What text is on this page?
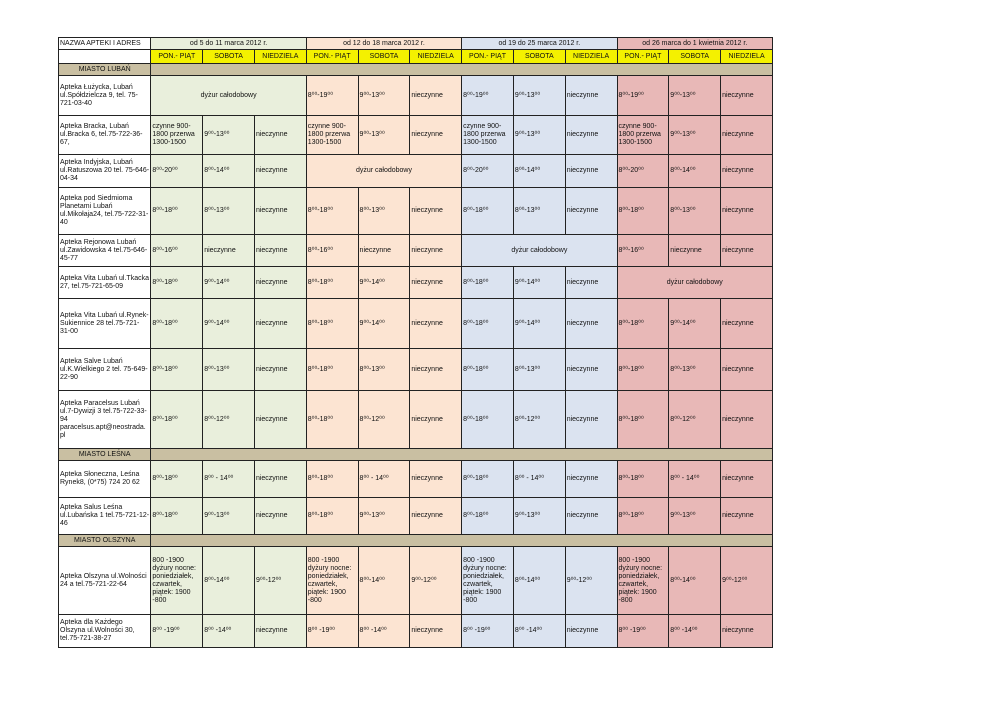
NAZWA APTEKI I ADRES	od 5 do 11 marca 2012 r.			od 12 do 18 marca 2012 r.			od 19 do 25 marca 2012 r.			od 26 marca do 1 kwietnia 2012 r.		
	PON.- PIĄT	SOBOTA	NIEDZIELA	PON.- PIĄT	SOBOTA	NIEDZIELA	PON.- PIĄT	SOBOTA	NIEDZIELA	PON.- PIĄT	SOBOTA	NIEDZIELA
MIASTO LUBAŃ												
Apteka Łużycka, Lubań ul.Spółdzielcza 9, tel. 75-721-03-40	dyżur całodobowy			8⁰⁰-19⁰⁰	9⁰⁰-13⁰⁰	nieczynne	8⁰⁰-19⁰⁰	9⁰⁰-13⁰⁰	nieczynne	8⁰⁰-19⁰⁰	9⁰⁰-13⁰⁰	nieczynne
Apteka Bracka, Lubań ul.Bracka 6, tel.75-722-36-67,	czynne 900-1800 przerwa 1300-1500	9⁰⁰-13⁰⁰	nieczynne	czynne 900-1800 przerwa 1300-1500	9⁰⁰-13⁰⁰	nieczynne	czynne 900-1800 przerwa 1300-1500	9⁰⁰-13⁰⁰	nieczynne	czynne 900-1800 przerwa 1300-1500	9⁰⁰-13⁰⁰	nieczynne
Apteka Indyjska, Lubań ul.Ratuszowa 20 tel. 75-646-04-34	8⁰⁰-20⁰⁰	8⁰⁰-14⁰⁰	nieczynne	dyżur całodobowy			8⁰⁰-20⁰⁰	8⁰⁰-14⁰⁰	nieczynne	8⁰⁰-20⁰⁰	8⁰⁰-14⁰⁰	nieczynne
Apteka pod Siedmioma Planetami Lubań ul.Mikołaja24, tel.75-722-31-40	8⁰⁰-18⁰⁰	8⁰⁰-13⁰⁰	nieczynne	8⁰⁰-18⁰⁰	8⁰⁰-13⁰⁰	nieczynne	8⁰⁰-18⁰⁰	8⁰⁰-13⁰⁰	nieczynne	8⁰⁰-18⁰⁰	8⁰⁰-13⁰⁰	nieczynne
Apteka Rejonowa Lubań ul.Zawidowska 4 tel.75-646-45-77	8⁰⁰-16⁰⁰	nieczynne	nieczynne	8⁰⁰-16⁰⁰	nieczynne	nieczynne	dyżur całodobowy			8⁰⁰-16⁰⁰	nieczynne	nieczynne
Apteka Vita Lubań ul.Tkacka 27, tel.75-721-65-09	8⁰⁰-18⁰⁰	9⁰⁰-14⁰⁰	nieczynne	8⁰⁰-18⁰⁰	9⁰⁰-14⁰⁰	nieczynne	8⁰⁰-18⁰⁰	9⁰⁰-14⁰⁰	nieczynne	dyżur całodobowy		
Apteka Vita Lubań ul.Rynek- Sukiennice 28 tel.75-721-31-00	8⁰⁰-18⁰⁰	9⁰⁰-14⁰⁰	nieczynne	8⁰⁰-18⁰⁰	9⁰⁰-14⁰⁰	nieczynne	8⁰⁰-18⁰⁰	9⁰⁰-14⁰⁰	nieczynne	8⁰⁰-18⁰⁰	9⁰⁰-14⁰⁰	nieczynne
Apteka Salve Lubań ul.K.Wielkiego 2 tel. 75-649-22-90	8⁰⁰-18⁰⁰	8⁰⁰-13⁰⁰	nieczynne	8⁰⁰-18⁰⁰	8⁰⁰-13⁰⁰	nieczynne	8⁰⁰-18⁰⁰	8⁰⁰-13⁰⁰	nieczynne	8⁰⁰-18⁰⁰	8⁰⁰-13⁰⁰	nieczynne
Apteka Paracelsus Lubań ul.7-Dywizji 3 tel.75-722-33-94 paracelsus.apt@neostrada.pl	8⁰⁰-18⁰⁰	8⁰⁰-12⁰⁰	nieczynne	8⁰⁰-18⁰⁰	8⁰⁰-12⁰⁰	nieczynne	8⁰⁰-18⁰⁰	8⁰⁰-12⁰⁰	nieczynne	8⁰⁰-18⁰⁰	8⁰⁰-12⁰⁰	nieczynne
MIASTO LEŚNA												
Apteka Słoneczna, Leśna Rynek8, (0*75) 724 20 62	8⁰⁰-18⁰⁰	8⁰⁰ - 14⁰⁰	nieczynne	8⁰⁰-18⁰⁰	8⁰⁰ - 14⁰⁰	nieczynne	8⁰⁰-18⁰⁰	8⁰⁰ - 14⁰⁰	nieczynne	8⁰⁰-18⁰⁰	8⁰⁰ - 14⁰⁰	nieczynne
Apteka Salus Leśna ul.Lubańska 1 tel.75-721-12-46	8⁰⁰-18⁰⁰	9⁰⁰-13⁰⁰	nieczynne	8⁰⁰-18⁰⁰	9⁰⁰-13⁰⁰	nieczynne	8⁰⁰-18⁰⁰	9⁰⁰-13⁰⁰	nieczynne	8⁰⁰-18⁰⁰	9⁰⁰-13⁰⁰	nieczynne
MIASTO OLSZYNA												
Apteka Olszyna ul.Wolności 24 a tel.75-721-22-64	800 -1900 dyżury nocne: poniedziałek, czwartek, piątek: 1900 -800	8⁰⁰-14⁰⁰	9⁰⁰-12⁰⁰	800 -1900 dyżury nocne: poniedziałek, czwartek, piątek: 1900 -800	8⁰⁰-14⁰⁰	9⁰⁰-12⁰⁰	800 -1900 dyżury nocne: poniedziałek, czwartek, piątek: 1900 -800	8⁰⁰-14⁰⁰	9⁰⁰-12⁰⁰	800 -1900 dyżury nocne: poniedziałek, czwartek, piątek: 1900 -800	8⁰⁰-14⁰⁰	9⁰⁰-12⁰⁰
Apteka dla Każdego Olszyna ul.Wolności 30, tel.75-721-38-27	8⁰⁰ -19⁰⁰	8⁰⁰ -14⁰⁰	nieczynne	8⁰⁰ -19⁰⁰	8⁰⁰ -14⁰⁰	nieczynne	8⁰⁰ -19⁰⁰	8⁰⁰ -14⁰⁰	nieczynne	8⁰⁰ -19⁰⁰	8⁰⁰ -14⁰⁰	nieczynne
